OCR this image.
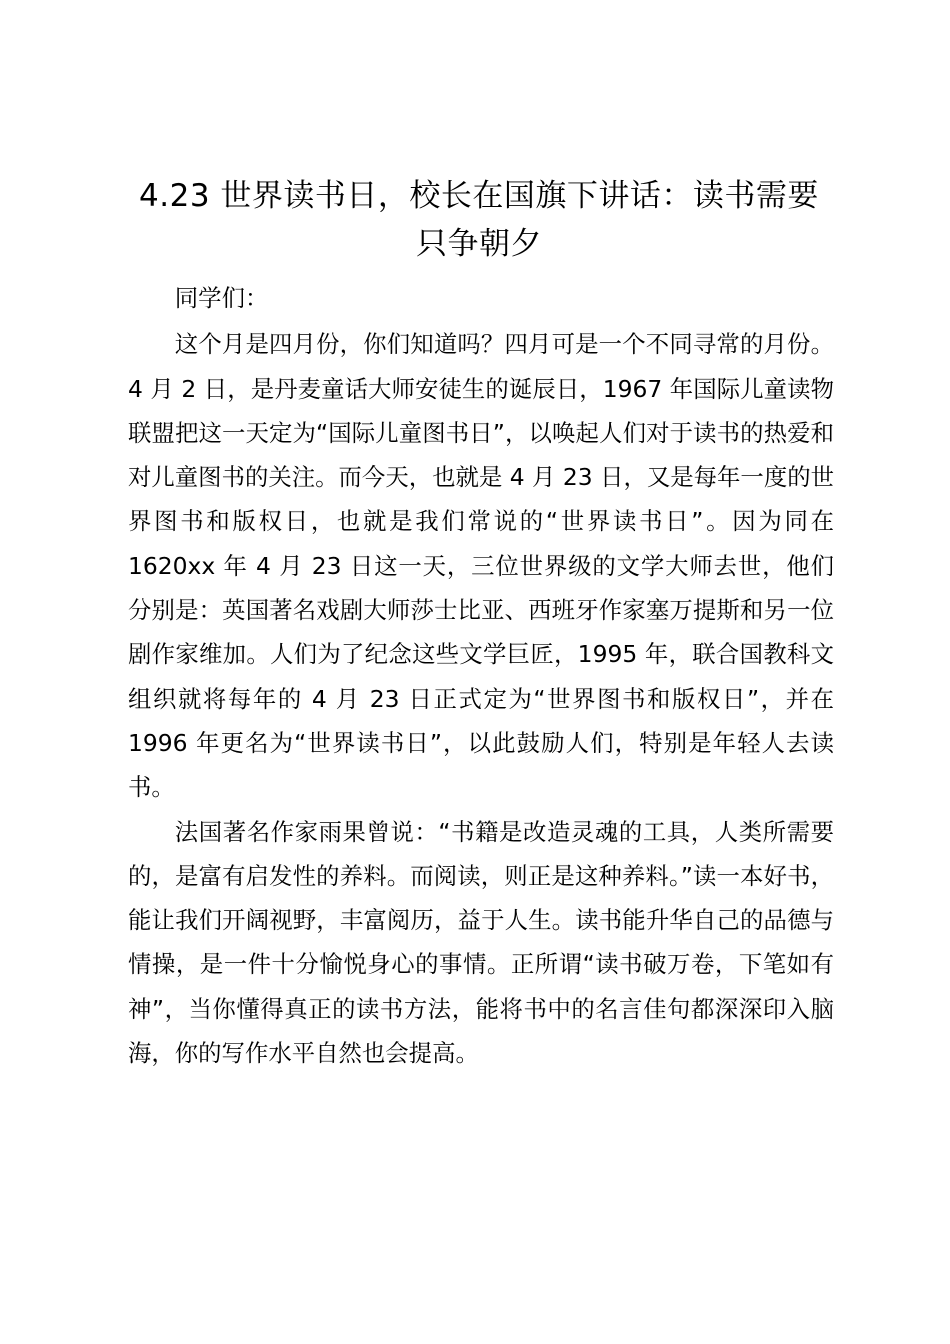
4.23 世界读书日，校长在国旗下讲话：读书需要只争朝夕

同学们：

这个月是四月份，你们知道吗？四月可是一个不同寻常的月份。4 月 2 日，是丹麦童话大师安徒生的诞辰日，1967 年国际儿童读物联盟把这一天定为“国际儿童图书日”，以唤起人们对于读书的热爱和对儿童图书的关注。而今天，也就是 4 月 23 日，又是每年一度的世界图书和版权日，也就是我们常说的“世界读书日”。因为同在 1620xx 年 4 月 23 日这一天，三位世界级的文学大师去世，他们分别是：英国著名戏剧大师莎士比亚、西班牙作家塞万提斯和另一位剧作家维加。人们为了纪念这些文学巨匠，1995 年，联合国教科文组织就将每年的 4 月 23 日正式定为“世界图书和版权日”，并在 1996 年更名为“世界读书日”，以此鼓励人们，特别是年轻人去读书。

法国著名作家雨果曾说：“书籍是改造灵魂的工具，人类所需要的，是富有启发性的养料。而阅读，则正是这种养料。”读一本好书，能让我们开阔视野，丰富阅历，益于人生。读书能升华自己的品德与情操，是一件十分愉悦身心的事情。正所谓“读书破万卷，下笔如有神”，当你懂得真正的读书方法，能将书中的名言佳句都深深印入脑海，你的写作水平自然也会提高。
